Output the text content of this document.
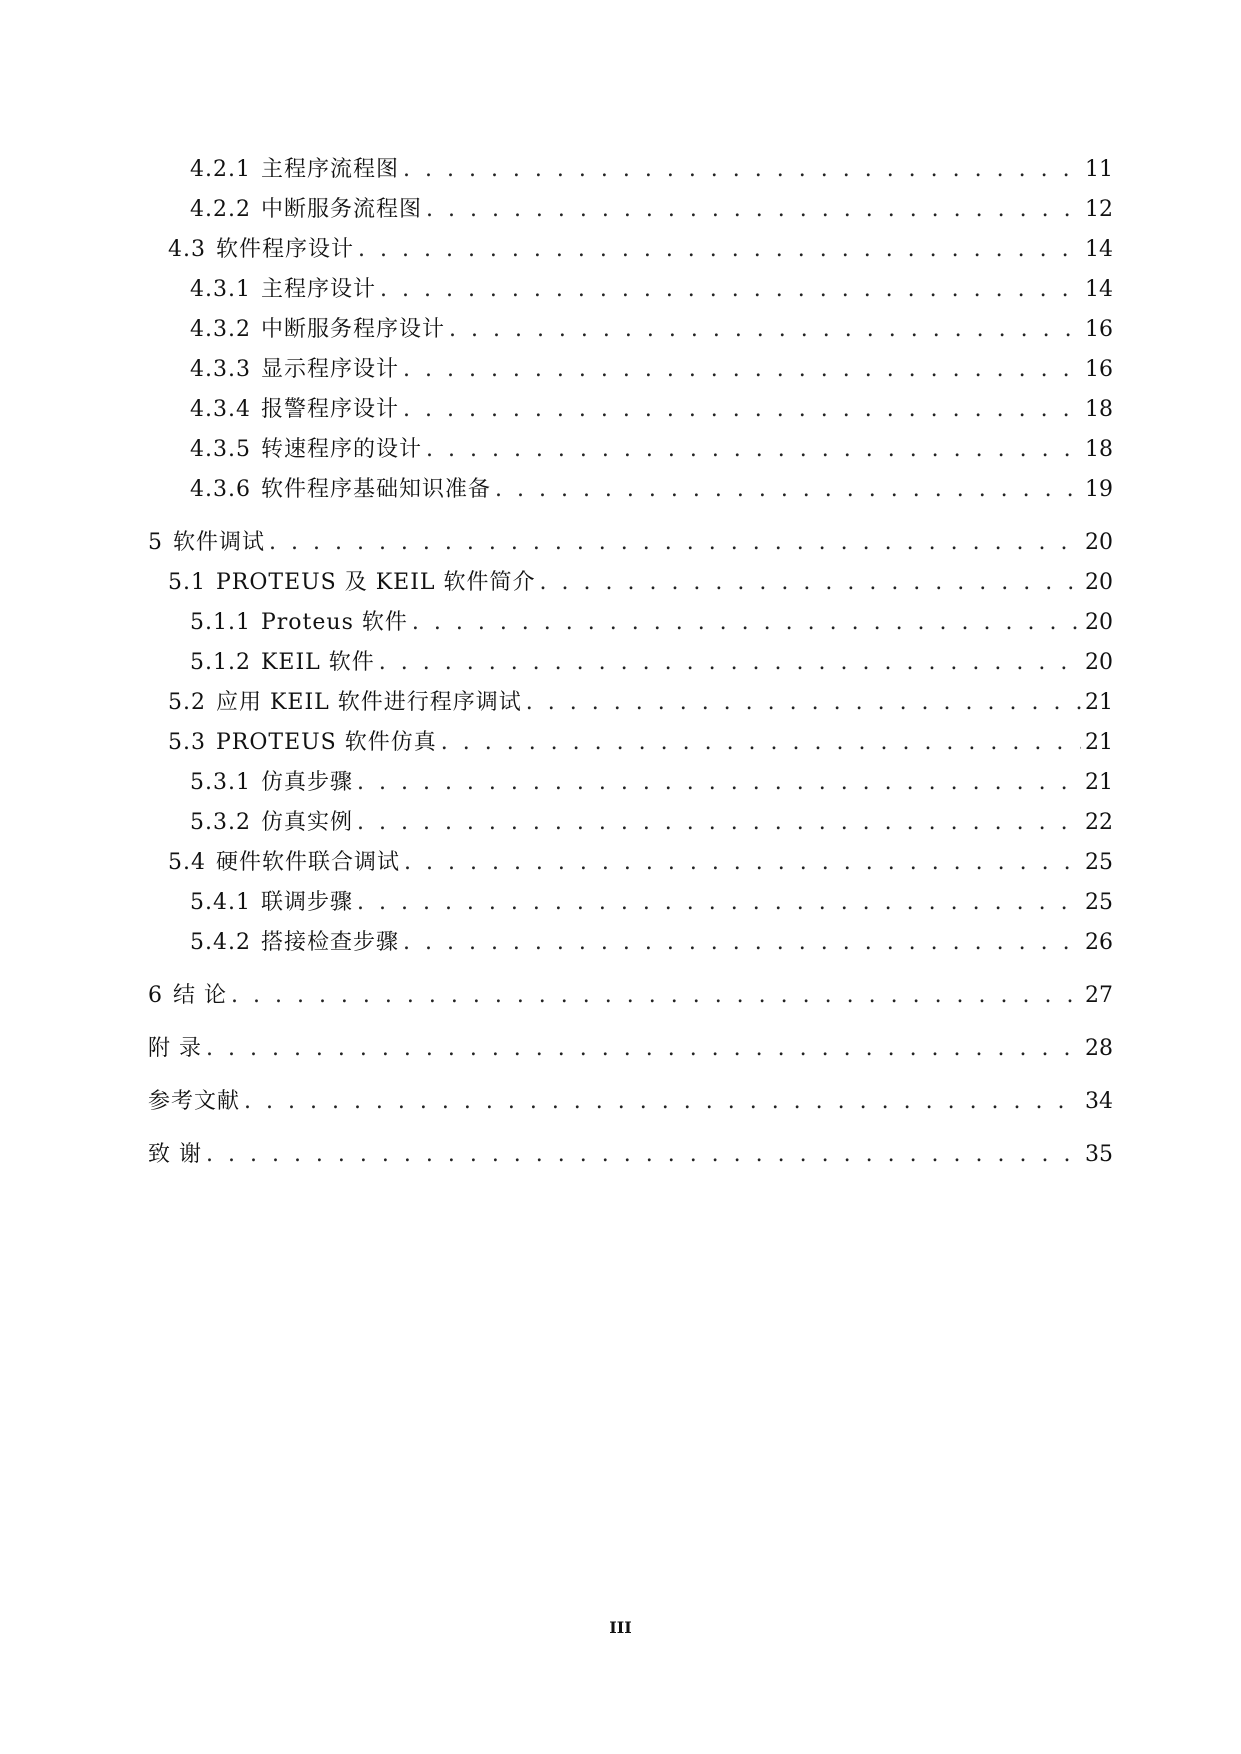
4.2.1 主程序流程图 . . .	11
4.2.2 中断服务流程图 . . .	12
4.3 软件程序设计 . . .	14
4.3.1 主程序设计 . . .	14
4.3.2 中断服务程序设计 . . .	16
4.3.3 显示程序设计 . . .	16
4.3.4 报警程序设计 . . .	18
4.3.5 转速程序的设计 . . .	18
4.3.6 软件程序基础知识准备 . . .	19
5 软件调试 . . .	20
5.1 PROTEUS 及 KEIL 软件简介 . . .	20
5.1.1 Proteus 软件 . . .	20
5.1.2 KEIL 软件 . . .	20
5.2 应用 KEIL 软件进行程序调试 . . .	21
5.3 PROTEUS 软件仿真 . . .	21
5.3.1 仿真步骤 . . .	21
5.3.2 仿真实例 . . .	22
5.4 硬件软件联合调试 . . .	25
5.4.1 联调步骤 . . .	25
5.4.2 搭接检查步骤 . . .	26
6 结 论 . . .	27
附 录 . . .	28
参考文献 . . .	34
致 谢 . . .	35
III
